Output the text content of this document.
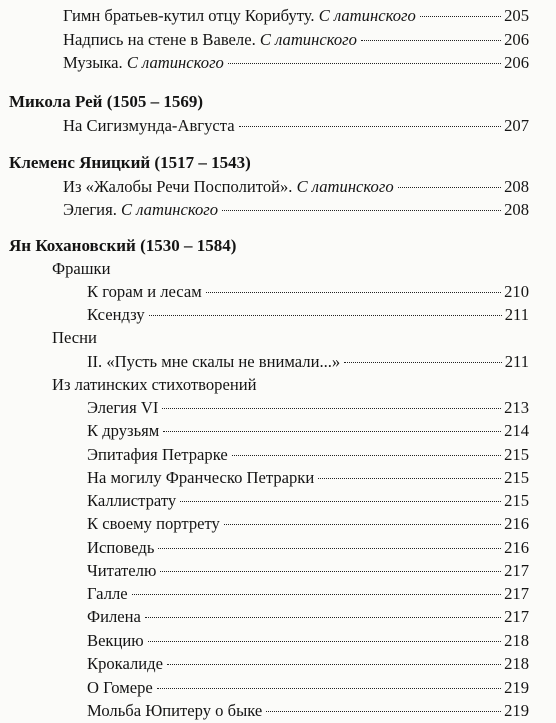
Гимн братьев-кутил отцу Корибуту. С латинского	205
Надпись на стене в Вавеле. С латинского	206
Музыка. С латинского	206
Микола Рей (1505 – 1569)
На Сигизмунда-Августа	207
Клеменс Яницкий (1517 – 1543)
Из «Жалобы Речи Посполитой». С латинского	208
Элегия. С латинского	208
Ян Кохановский (1530 – 1584)
Фрашки
К горам и лесам	210
Ксендзу	211
Песни
II. «Пусть мне скалы не внимали...»	211
Из латинских стихотворений
Элегия VI	213
К друзьям	214
Эпитафия Петрарке	215
На могилу Франческо Петрарки	215
Каллистрату	215
К своему портрету	216
Исповедь	216
Читателю	217
Галле	217
Филена	217
Векцию	218
Крокалиде	218
О Гомере	219
Мольба Юпитеру о быке	219
